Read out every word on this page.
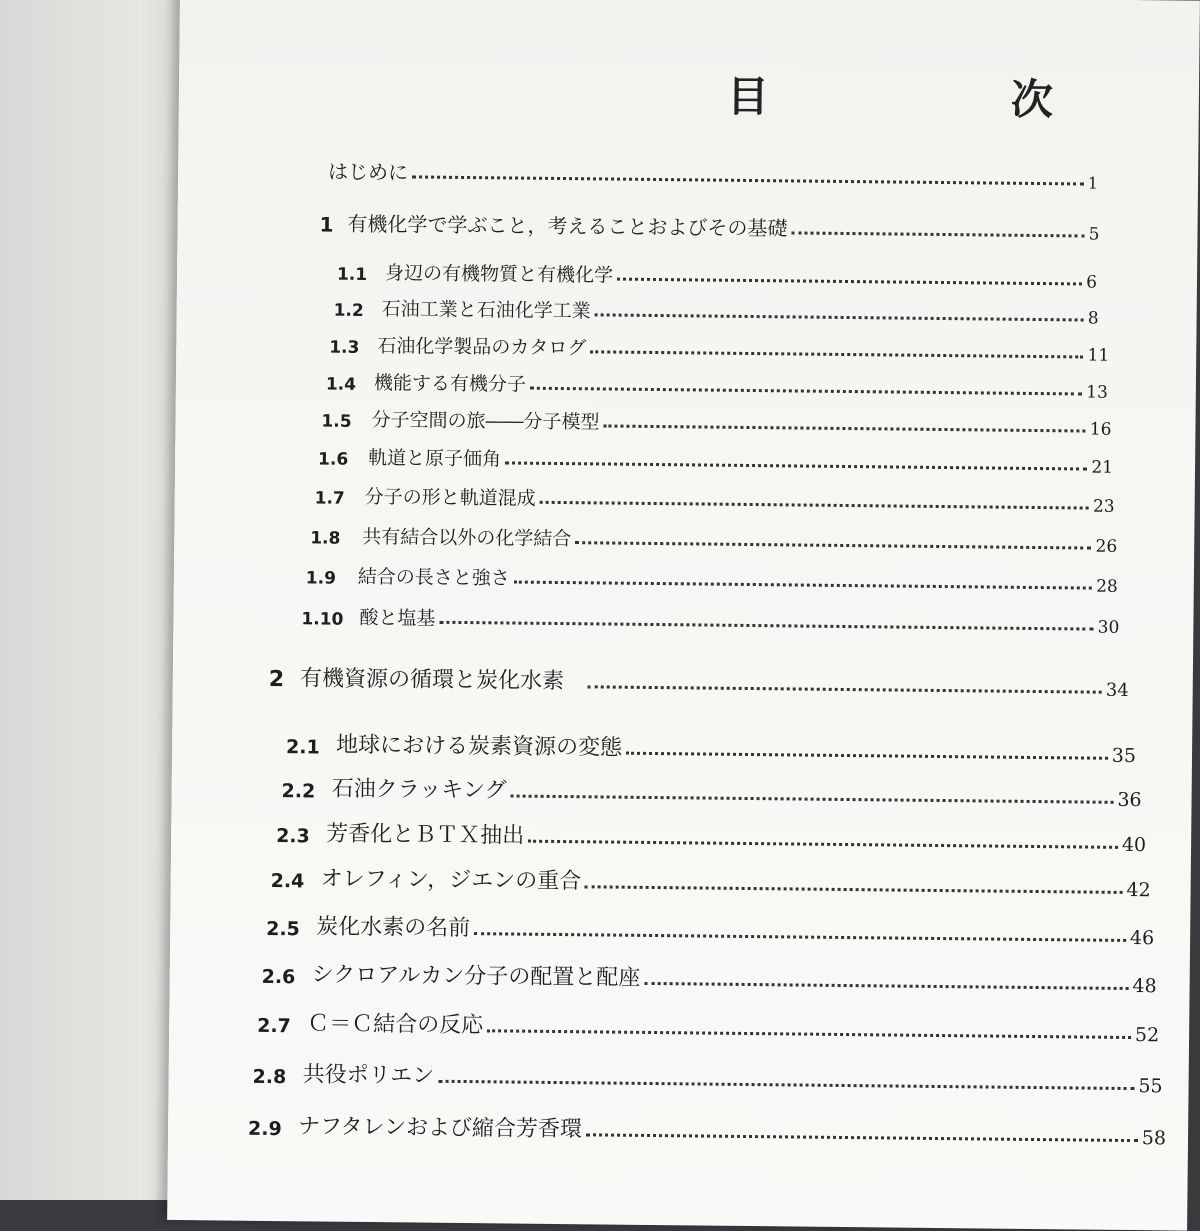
目　次
はじめに	1
1 有機化学で学ぶこと，考えることおよびその基礎	5
1.1 身辺の有機物質と有機化学	6
1.2 石油工業と石油化学工業	8
1.3 石油化学製品のカタログ	11
1.4 機能する有機分子	13
1.5	分子空間の旅――分子模型	16
1.6	軌道と原子価角	21
1.7	分子の形と軌道混成	23
1.8	共有結合以外の化学結合	26
1.9	結合の長さと強さ	28
1.10 酸と塩基	30
2 有機資源の循環と炭化水素	34
2.1 地球における炭素資源の変態	35
2.2 石油クラッキング	36
2.3 芳香化とＢＴＸ抽出	40
2.4 オレフィン，ジエンの重合	42
2.5 炭化水素の名前	46
2.6 シクロアルカン分子の配置と配座	48
2.7 Ｃ＝Ｃ結合の反応	52
2.8 共役ポリエン	55
2.9 ナフタレンおよび縮合芳香環	58
